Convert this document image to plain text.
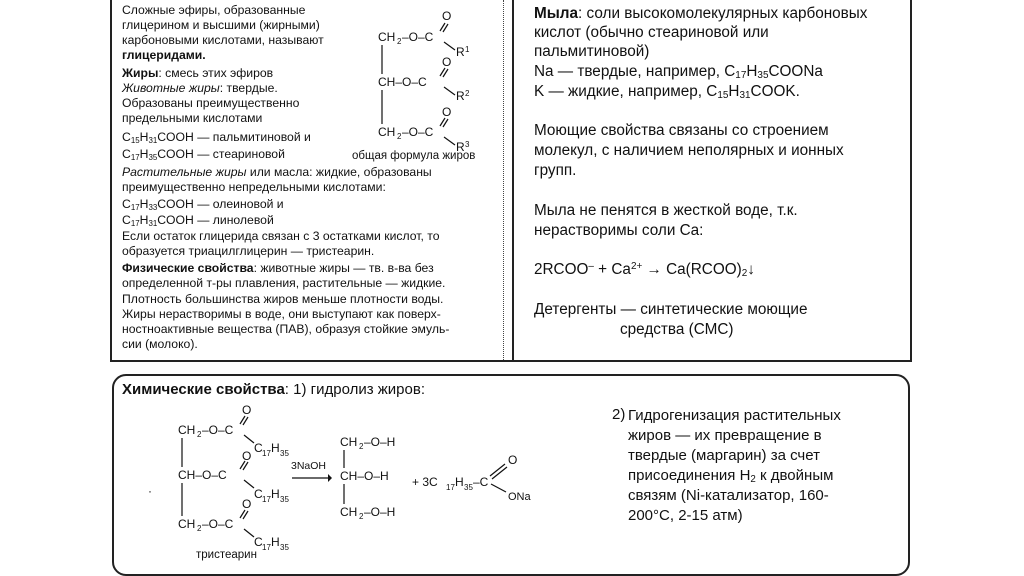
Сложные эфиры, образованные
глицерином и высшими (жирными)
карбоновыми кислотами, называют
глицеридами.
Жиры: смесь этих эфиров
Животные жиры: твердые.
Образованы преимущественно
предельными кислотами
$C_{15}H_{31}COOH$ — пальмитиновой и
$C_{17}H_{35}COOH$ — стеариновой
Растительные жиры или масла: жидкие, образованы
преимущественно непредельными кислотами:
$C_{17}H_{33}COOH$ — олеиновой и
$C_{17}H_{31}COOH$ — линолевой
Если остаток глицерида связан с 3 остатками кислот, то
образуется триацилглицерин — тристеарин.
Физические свойства: животные жиры — тв. в-ва без
определенной т-ры плавления, растительные — жидкие.
Плотность большинства жиров меньше плотности воды.
Жиры нерастворимы в воде, они выступают как поверх-
ностноактивные вещества (ПАВ), образуя стойкие эмуль-
сии (молоко).
CH 2 –O–C
CH–O–C
CH 2 –O–C
O
O
O
R 1
R 2
R 3
общая формула жиров
Мыла: соли высокомолекулярных карбоновых
кислот (обычно стеариновой или
пальмитиновой)
Na — твердые, например, $C_{17}H_{35}COONa$
K — жидкие, например, $C_{15}H_{31}COOK$.
Моющие свойства связаны со строением
молекул, с наличием неполярных и ионных
групп.
Мыла не пенятся в жесткой воде, т.к.
нерастворимы соли Ca:
2RCOO– + $Ca^{2+}$ → $Ca(RCOO)_2↓$
Детергенты — синтетические моющие
средства (СМС)
Химические свойства: 1) гидролиз жиров:
CH 2 –O–C
CH–O–C
CH 2 –O–C
O
O
O
C 17 H 35
C 17 H 35
C 17 H 35
тристеарин
·
3NaOH
CH 2 –O–H
CH–O–H
CH 2 –O–H
+ 3C 17 H 35 –C
O
ONa
2) Гидрогенизация растительных
жиров — их превращение в
твердые (маргарин) за счет
присоединения $H_2$ к двойным
связям (Ni-катализатор, 160-
200°C, 2-15 атм)
